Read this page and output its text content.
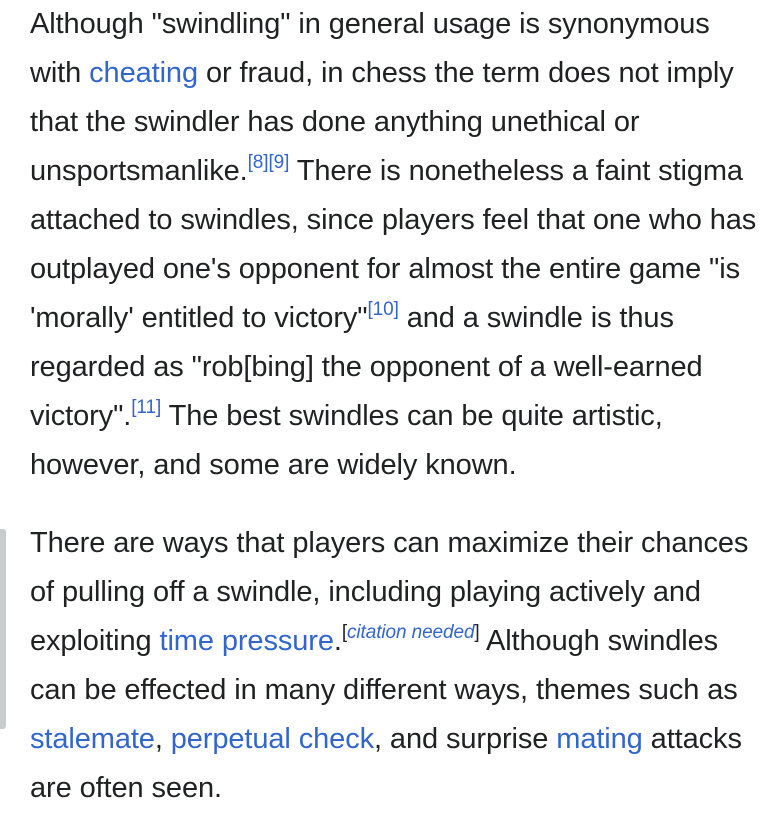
Although "swindling" in general usage is synonymous with cheating or fraud, in chess the term does not imply that the swindler has done anything unethical or unsportsmanlike.[8][9] There is nonetheless a faint stigma attached to swindles, since players feel that one who has outplayed one's opponent for almost the entire game "is 'morally' entitled to victory"[10] and a swindle is thus regarded as "rob[bing] the opponent of a well-earned victory".[11] The best swindles can be quite artistic, however, and some are widely known.

There are ways that players can maximize their chances of pulling off a swindle, including playing actively and exploiting time pressure.[citation needed] Although swindles can be effected in many different ways, themes such as stalemate, perpetual check, and surprise mating attacks are often seen.
